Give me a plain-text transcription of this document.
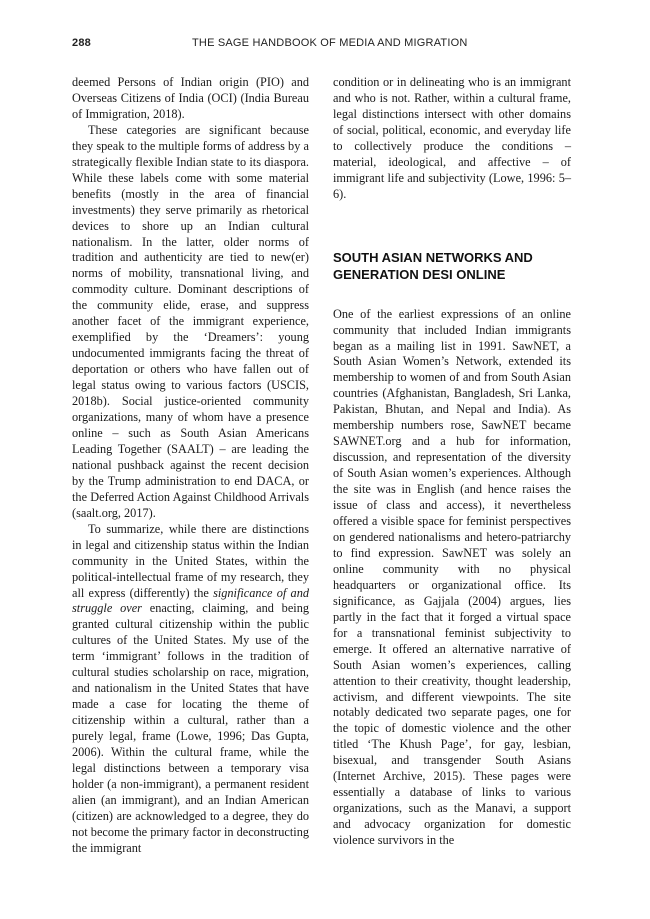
288	THE SAGE HANDBOOK OF MEDIA AND MIGRATION

deemed Persons of Indian origin (PIO) and Overseas Citizens of India (OCI) (India Bureau of Immigration, 2018).

These categories are significant because they speak to the multiple forms of address by a strategically flexible Indian state to its diaspora. While these labels come with some material benefits (mostly in the area of financial investments) they serve primarily as rhetorical devices to shore up an Indian cultural nationalism. In the latter, older norms of tradition and authenticity are tied to new(er) norms of mobility, transnational living, and commodity culture. Dominant descriptions of the community elide, erase, and suppress another facet of the immigrant experience, exemplified by the ‘Dreamers’: young undocumented immigrants facing the threat of deportation or others who have fallen out of legal status owing to various factors (USCIS, 2018b). Social justice-oriented community organizations, many of whom have a presence online – such as South Asian Americans Leading Together (SAALT) – are leading the national pushback against the recent decision by the Trump administration to end DACA, or the Deferred Action Against Childhood Arrivals (saalt.org, 2017).

To summarize, while there are distinctions in legal and citizenship status within the Indian community in the United States, within the political-intellectual frame of my research, they all express (differently) the significance of and struggle over enacting, claiming, and being granted cultural citizenship within the public cultures of the United States. My use of the term ‘immigrant’ follows in the tradition of cultural studies scholarship on race, migration, and nationalism in the United States that have made a case for locating the theme of citizenship within a cultural, rather than a purely legal, frame (Lowe, 1996; Das Gupta, 2006). Within the cultural frame, while the legal distinctions between a temporary visa holder (a non-immigrant), a permanent resident alien (an immigrant), and an Indian American (citizen) are acknowledged to a degree, they do not become the primary factor in deconstructing the immigrant

condition or in delineating who is an immigrant and who is not. Rather, within a cultural frame, legal distinctions intersect with other domains of social, political, economic, and everyday life to collectively produce the conditions – material, ideological, and affective – of immigrant life and subjectivity (Lowe, 1996: 5–6).

SOUTH ASIAN NETWORKS AND GENERATION DESI ONLINE

One of the earliest expressions of an online community that included Indian immigrants began as a mailing list in 1991. SawNET, a South Asian Women’s Network, extended its membership to women of and from South Asian countries (Afghanistan, Bangladesh, Sri Lanka, Pakistan, Bhutan, and Nepal and India). As membership numbers rose, SawNET became SAWNET.org and a hub for information, discussion, and representation of the diversity of South Asian women’s experiences. Although the site was in English (and hence raises the issue of class and access), it nevertheless offered a visible space for feminist perspectives on gendered nationalisms and hetero-patriarchy to find expression. SawNET was solely an online community with no physical headquarters or organizational office. Its significance, as Gajjala (2004) argues, lies partly in the fact that it forged a virtual space for a transnational feminist subjectivity to emerge. It offered an alternative narrative of South Asian women’s experiences, calling attention to their creativity, thought leadership, activism, and different viewpoints. The site notably dedicated two separate pages, one for the topic of domestic violence and the other titled ‘The Khush Page’, for gay, lesbian, bisexual, and transgender South Asians (Internet Archive, 2015). These pages were essentially a database of links to various organizations, such as the Manavi, a support and advocacy organization for domestic violence survivors in the
